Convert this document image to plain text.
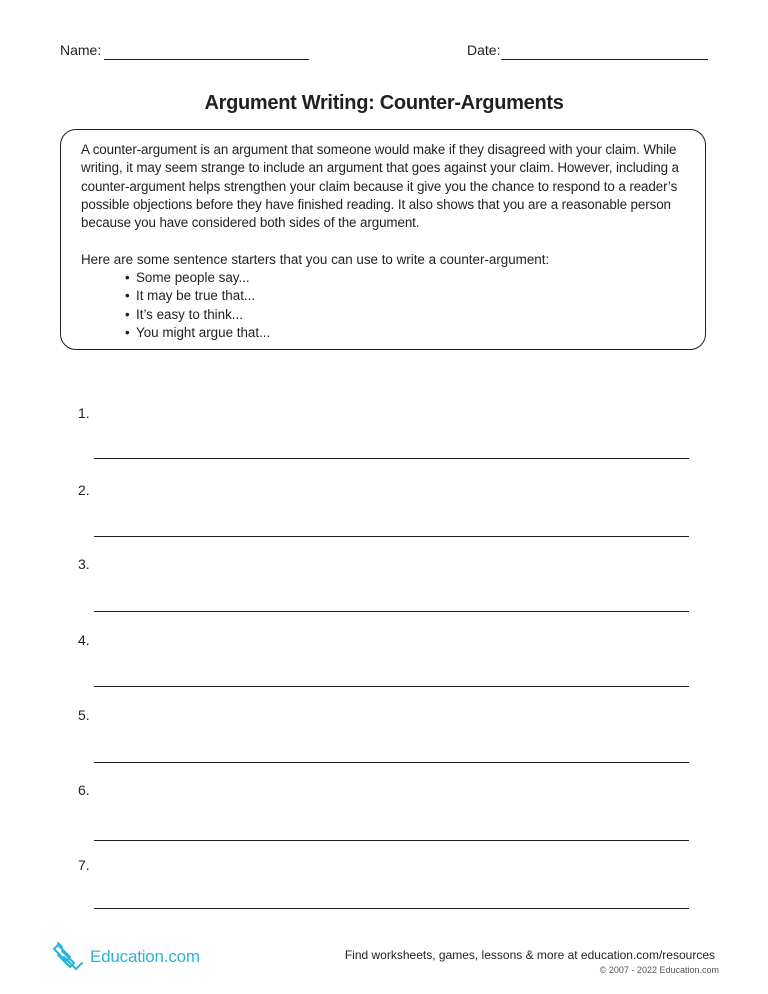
Name:	Date:
Argument Writing: Counter-Arguments

A counter-argument is an argument that someone would make if they disagreed with your claim. While writing, it may seem strange to include an argument that goes against your claim. However, including a counter-argument helps strengthen your claim because it give you the chance to respond to a reader’s possible objections before they have finished reading. It also shows that you are a reasonable person because you have considered both sides of the argument.

Here are some sentence starters that you can use to write a counter-argument:

• Some people say...
• It may be true that...
• It’s easy to think...
• You might argue that...
1.
2.
3.
4.
5.
6.
7.
Education.com	Find worksheets, games, lessons & more at education.com/resources
© 2007 - 2022 Education.com
